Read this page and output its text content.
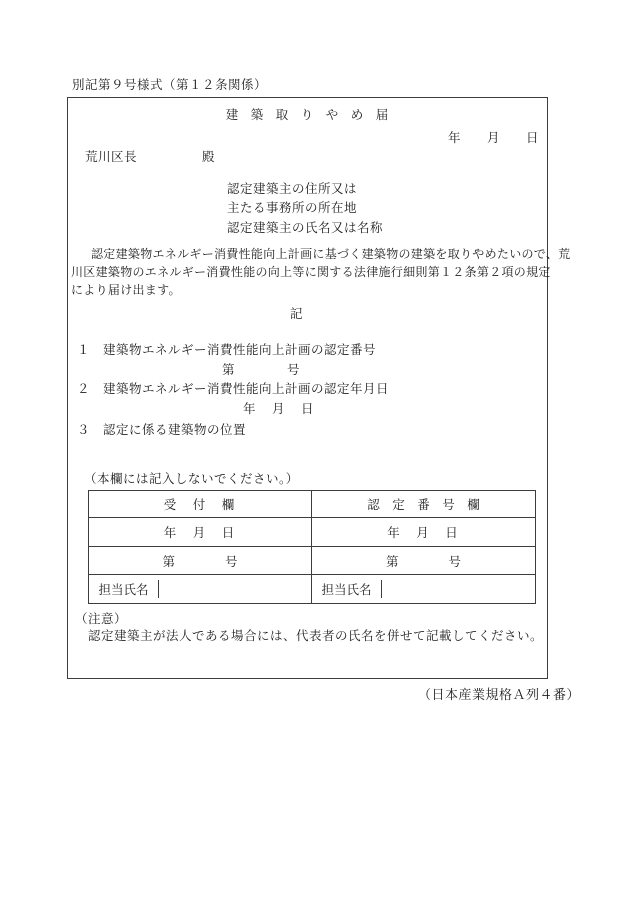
別記第９号様式（第１２条関係）
建　築　取　り　や　め　届
年　　月　　日
荒川区長	殿
認定建築主の住所又は
主たる事務所の所在地
認定建築主の氏名又は名称
認定建築物エネルギー消費性能向上計画に基づく建築物の建築を取りやめたいので、荒
川区建築物のエネルギー消費性能の向上等に関する法律施行細則第１２条第２項の規定
により届け出ます。
記
１　建築物エネルギー消費性能向上計画の認定番号
第　　　　号
２　建築物エネルギー消費性能向上計画の認定年月日
年　月　日
３　認定に係る建築物の位置
（本欄には記入しないでください。）
受　付　欄
年　月　日
第　　　　号
担当氏名
認　定　番　号　欄
年　月　日
第　　　　号
担当氏名
（注意）
認定建築主が法人である場合には、代表者の氏名を併せて記載してください。
（日本産業規格Ａ列４番）
